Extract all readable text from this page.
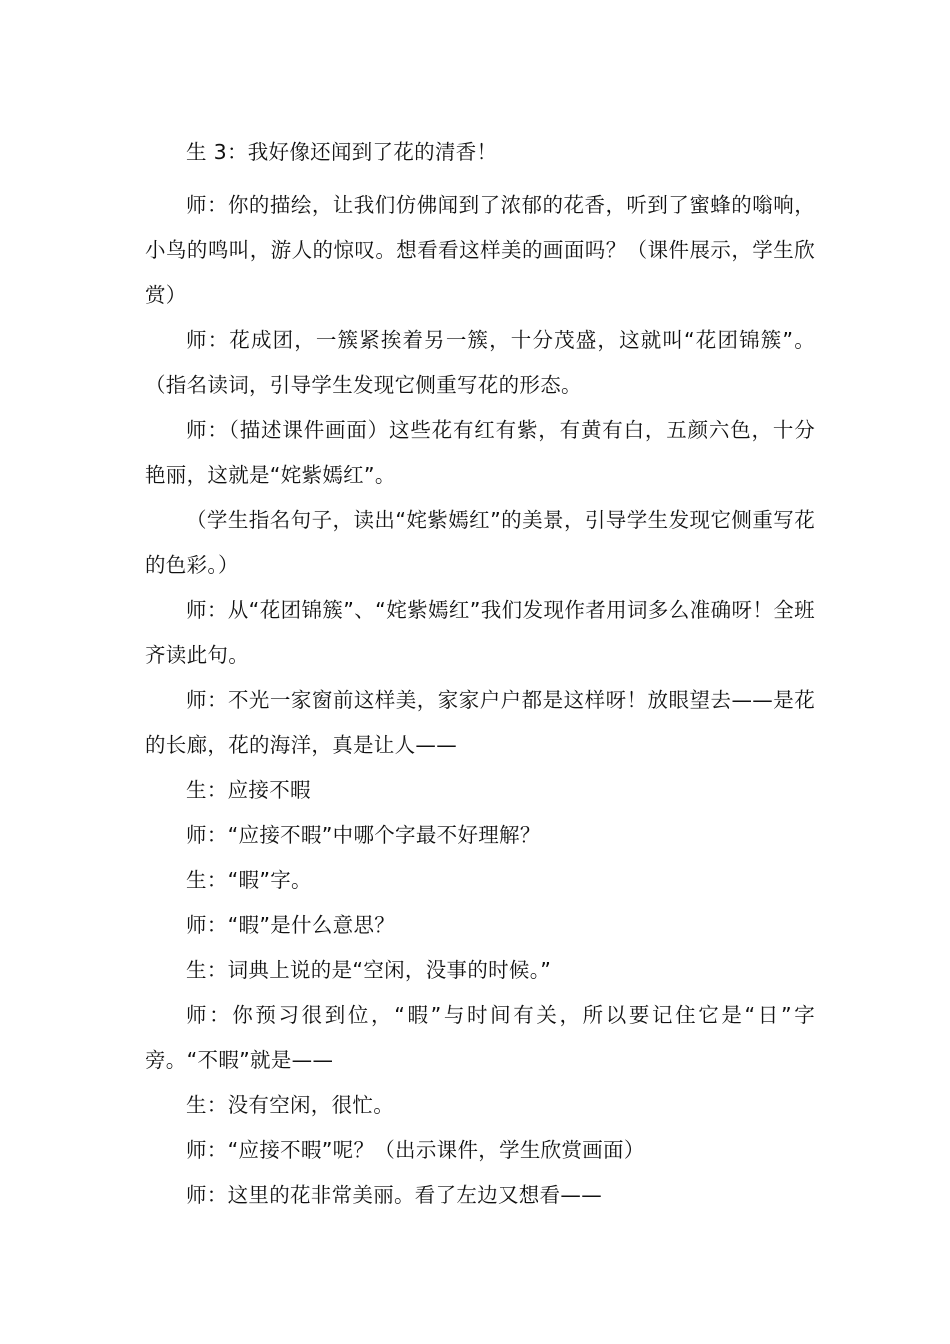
生 3：我好像还闻到了花的清香！

师：你的描绘，让我们仿佛闻到了浓郁的花香，听到了蜜蜂的嗡响，小鸟的鸣叫，游人的惊叹。想看看这样美的画面吗？（课件展示，学生欣赏）

师：花成团，一簇紧挨着另一簇，十分茂盛，这就叫“花团锦簇”。（指名读词，引导学生发现它侧重写花的形态。

师：（描述课件画面）这些花有红有紫，有黄有白，五颜六色，十分艳丽，这就是“姹紫嫣红”。

（学生指名句子，读出“姹紫嫣红”的美景，引导学生发现它侧重写花的色彩。）

师：从“花团锦簇”、“姹紫嫣红”我们发现作者用词多么准确呀！全班齐读此句。

师：不光一家窗前这样美，家家户户都是这样呀！放眼望去——是花的长廊，花的海洋，真是让人——

生：应接不暇

师：“应接不暇”中哪个字最不好理解？

生：“暇”字。

师：“暇”是什么意思？

生：词典上说的是“空闲，没事的时候。”

师：你预习很到位，“暇”与时间有关，所以要记住它是“日”字旁。“不暇”就是——

生：没有空闲，很忙。

师：“应接不暇”呢？（出示课件，学生欣赏画面）

师：这里的花非常美丽。看了左边又想看——
